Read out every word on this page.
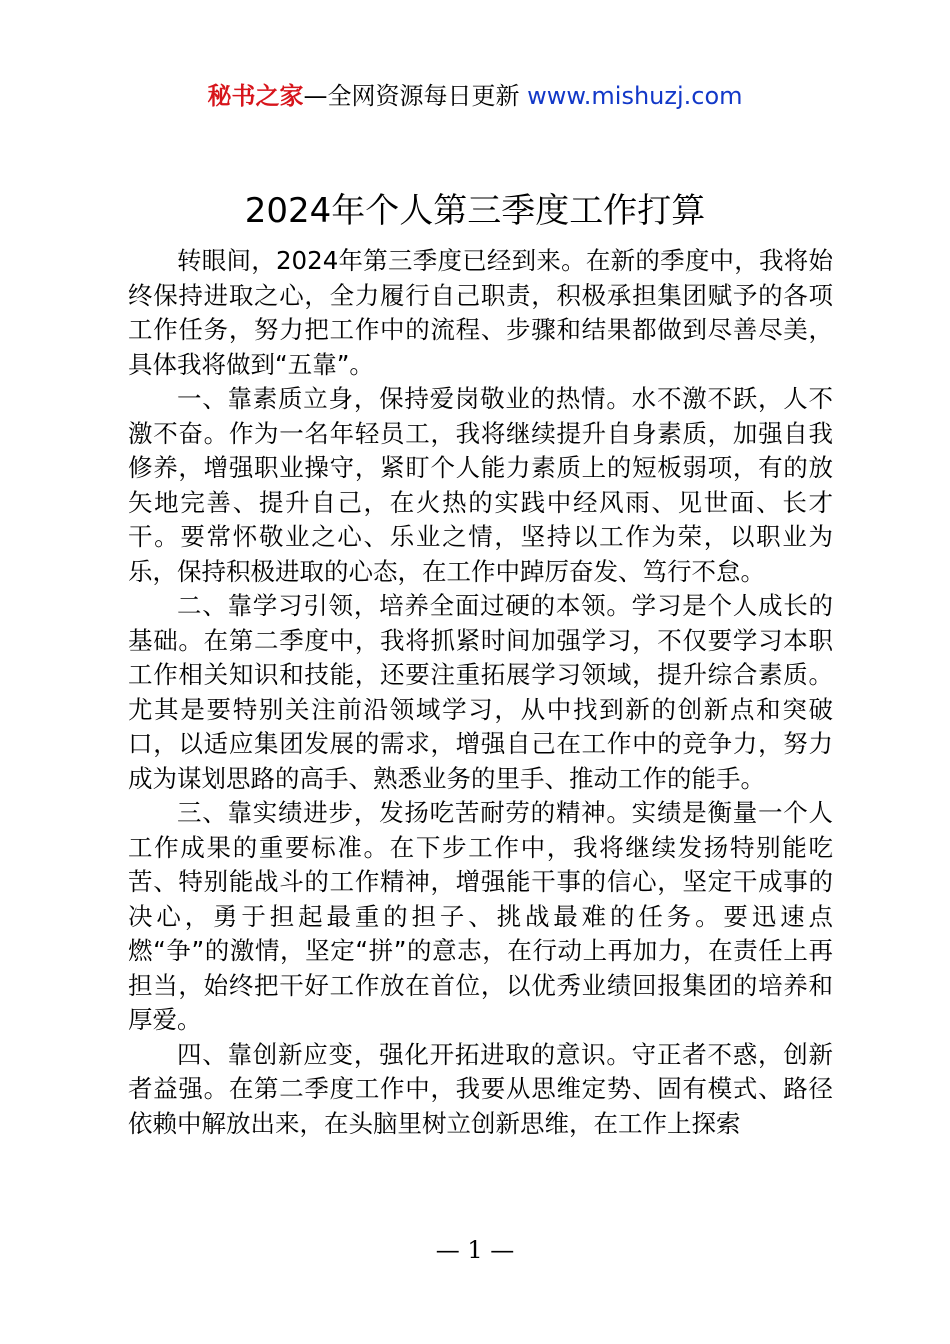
秘书之家—全网资源每日更新 www.mishuzj.com
2024年个人第三季度工作打算

转眼间，2024年第三季度已经到来。在新的季度中，我将始终保持进取之心，全力履行自己职责，积极承担集团赋予的各项工作任务，努力把工作中的流程、步骤和结果都做到尽善尽美，具体我将做到“五靠”。

一、靠素质立身，保持爱岗敬业的热情。水不激不跃，人不激不奋。作为一名年轻员工，我将继续提升自身素质，加强自我修养，增强职业操守，紧盯个人能力素质上的短板弱项，有的放矢地完善、提升自己，在火热的实践中经风雨、见世面、长才干。要常怀敬业之心、乐业之情，坚持以工作为荣，以职业为乐，保持积极进取的心态，在工作中踔厉奋发、笃行不怠。

二、靠学习引领，培养全面过硬的本领。学习是个人成长的基础。在第二季度中，我将抓紧时间加强学习，不仅要学习本职工作相关知识和技能，还要注重拓展学习领域，提升综合素质。尤其是要特别关注前沿领域学习，从中找到新的创新点和突破口，以适应集团发展的需求，增强自己在工作中的竞争力，努力成为谋划思路的高手、熟悉业务的里手、推动工作的能手。

三、靠实绩进步，发扬吃苦耐劳的精神。实绩是衡量一个人工作成果的重要标准。在下步工作中，我将继续发扬特别能吃苦、特别能战斗的工作精神，增强能干事的信心，坚定干成事的决心，勇于担起最重的担子、挑战最难的任务。要迅速点燃“争”的激情，坚定“拼”的意志，在行动上再加力，在责任上再担当，始终把干好工作放在首位，以优秀业绩回报集团的培养和厚爱。

四、靠创新应变，强化开拓进取的意识。守正者不惑，创新者益强。在第二季度工作中，我要从思维定势、固有模式、路径依赖中解放出来，在头脑里树立创新思维，在工作上探索

— 1 —
